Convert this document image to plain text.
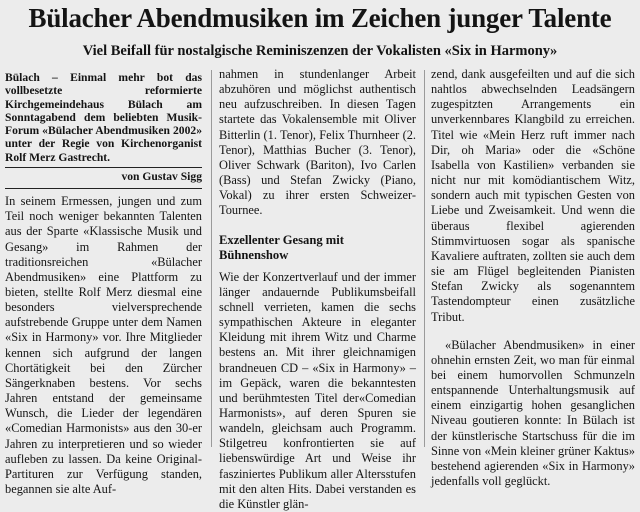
Bülacher Abendmusiken im Zeichen junger Talente
Viel Beifall für nostalgische Reminiszenzen der Vokalisten «Six in Harmony»

Bülach – Einmal mehr bot das vollbesetzte reformierte Kirchgemeindehaus Bülach am Sonntagabend dem beliebten Musik-Forum «Bülacher Abendmusiken 2002» unter der Regie von Kirchenorganist Rolf Merz Gastrecht.

von Gustav Sigg

In seinem Ermessen, jungen und zum Teil noch weniger bekannten Talenten aus der Sparte «Klassische Musik und Gesang» im Rahmen der traditionsreichen «Bülacher Abendmusiken» eine Plattform zu bieten, stellte Rolf Merz diesmal eine besonders vielversprechende aufstrebende Gruppe unter dem Namen «Six in Harmony» vor. Ihre Mitglieder kennen sich aufgrund der langen Chortätigkeit bei den Zürcher Sängerknaben bestens. Vor sechs Jahren entstand der gemeinsame Wunsch, die Lieder der legendären «Comedian Harmonists» aus den 30-er Jahren zu interpretieren und so wieder aufleben zu lassen. Da keine Original-Partituren zur Verfügung standen, begannen sie alte Auf-

nahmen in stundenlanger Arbeit abzuhören und möglichst authentisch neu aufzuschreiben. In diesen Tagen startete das Vokalensemble mit Oliver Bitterlin (1. Tenor), Felix Thurnheer (2. Tenor), Matthias Bucher (3. Tenor), Oliver Schwark (Bariton), Ivo Carlen (Bass) und Stefan Zwicky (Piano, Vokal) zu ihrer ersten Schweizer-Tournee.

Exzellenter Gesang mit Bühnenshow

Wie der Konzertverlauf und der immer länger andauernde Publikumsbeifall schnell verrieten, kamen die sechs sympathischen Akteure in eleganter Kleidung mit ihrem Witz und Charme bestens an. Mit ihrer gleichnamigen brandneuen CD – «Six in Harmony» – im Gepäck, waren die bekanntesten und berühmtesten Titel der«Comedian Harmonists», auf deren Spuren sie wandeln, gleichsam auch Programm. Stilgetreu konfrontierten sie auf liebenswürdige Art und Weise ihr fasziniertes Publikum aller Altersstufen mit den alten Hits. Dabei verstanden es die Künstler glän-

zend, dank ausgefeilten und auf die sich nahtlos abwechselnden Leadsängern zugespitzten Arrangements ein unverkennbares Klangbild zu erreichen. Titel wie «Mein Herz ruft immer nach Dir, oh Maria» oder die «Schöne Isabella von Kastilien» verbanden sie nicht nur mit komödiantischem Witz, sondern auch mit typischen Gesten von Liebe und Zweisamkeit. Und wenn die überaus flexibel agierenden Stimmvirtuosen sogar als spanische Kavaliere auftraten, zollten sie auch dem sie am Flügel begleitenden Pianisten Stefan Zwicky als sogenanntem Tastendompteur einen zusätzliche Tribut.

«Bülacher Abendmusiken» in einer ohnehin ernsten Zeit, wo man für einmal bei einem humorvollen Schmunzeln entspannende Unterhaltungsmusik auf einem einzigartig hohen gesanglichen Niveau goutieren konnte: In Bülach ist der künstlerische Startschuss für die im Sinne von «Mein kleiner grüner Kaktus» bestehend agierenden «Six in Harmony» jedenfalls voll geglückt.
